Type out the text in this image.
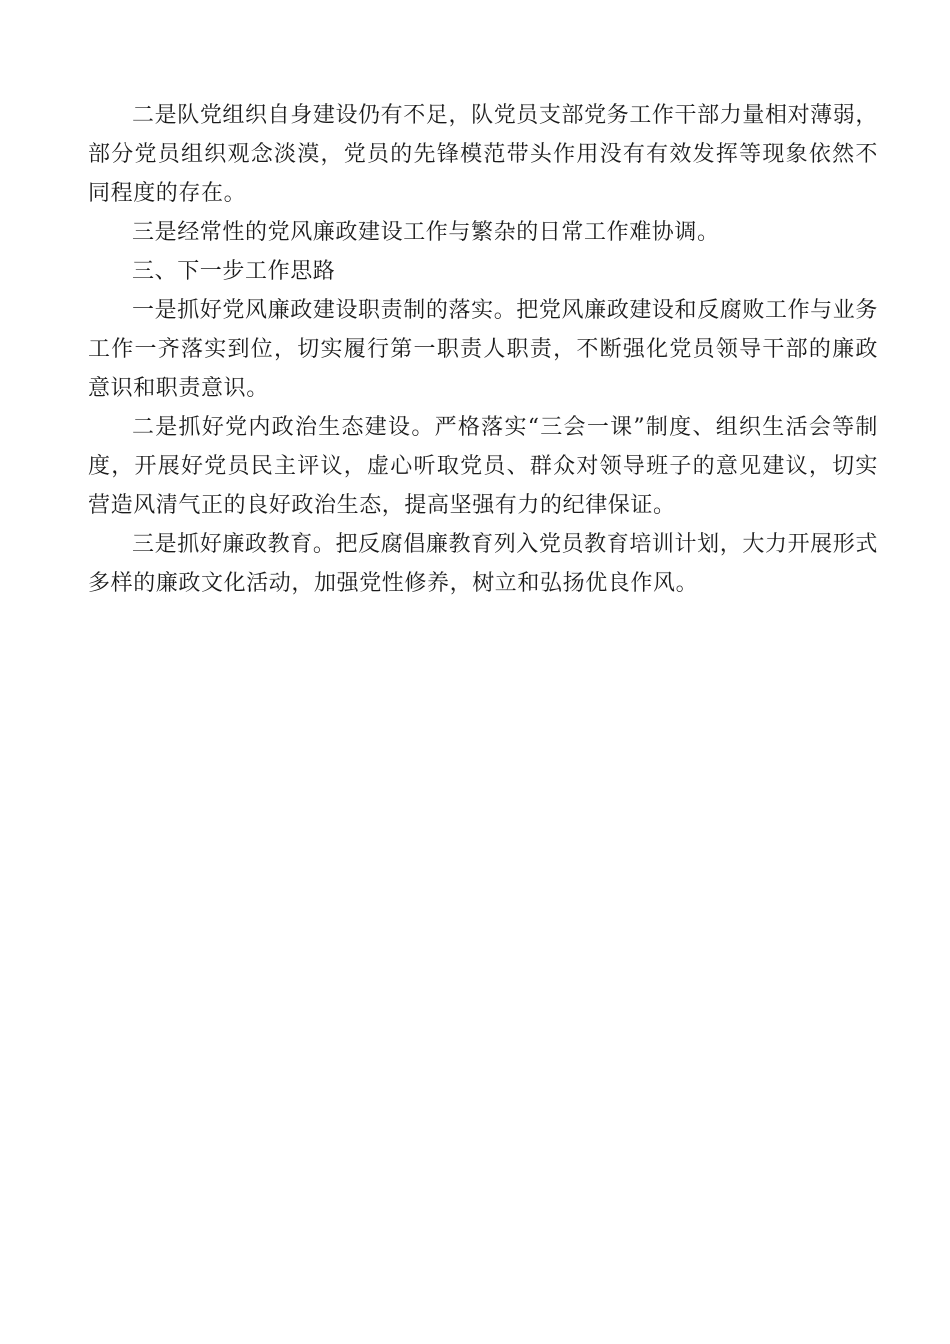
二是队党组织自身建设仍有不足，队党员支部党务工作干部力量相对薄弱，部分党员组织观念淡漠，党员的先锋模范带头作用没有有效发挥等现象依然不同程度的存在。

三是经常性的党风廉政建设工作与繁杂的日常工作难协调。

三、下一步工作思路

一是抓好党风廉政建设职责制的落实。把党风廉政建设和反腐败工作与业务工作一齐落实到位，切实履行第一职责人职责，不断强化党员领导干部的廉政意识和职责意识。

二是抓好党内政治生态建设。严格落实“三会一课”制度、组织生活会等制度，开展好党员民主评议，虚心听取党员、群众对领导班子的意见建议，切实营造风清气正的良好政治生态，提高坚强有力的纪律保证。

三是抓好廉政教育。把反腐倡廉教育列入党员教育培训计划，大力开展形式多样的廉政文化活动，加强党性修养，树立和弘扬优良作风。
